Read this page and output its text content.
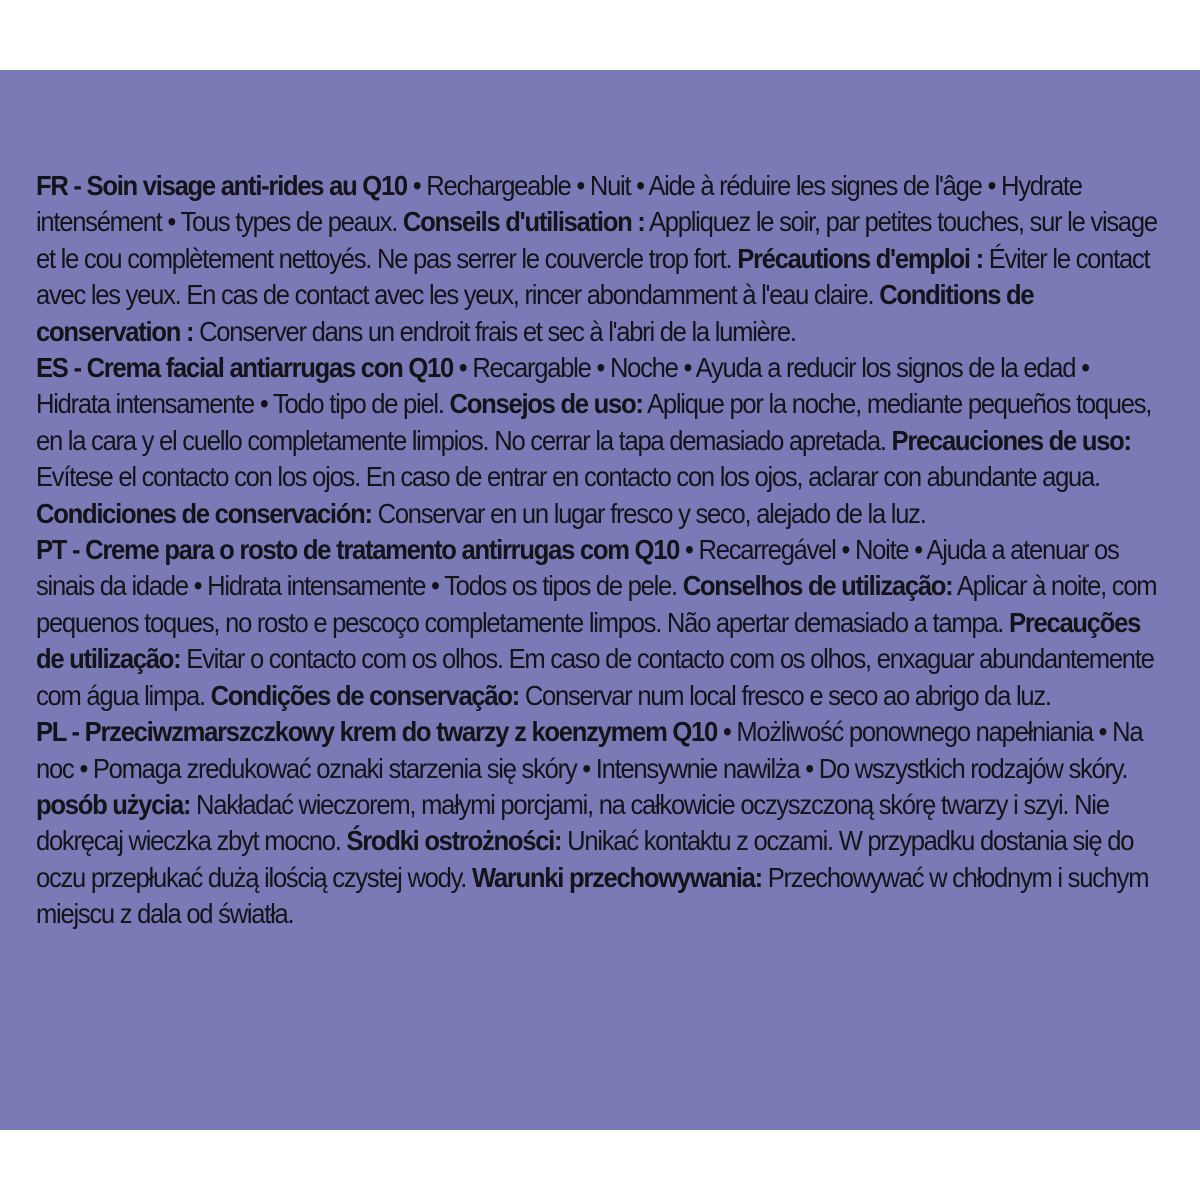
FR - Soin visage anti-rides au Q10 • Rechargeable • Nuit • Aide à réduire les signes de l'âge • Hydrate intensément • Tous types de peaux. Conseils d'utilisation : Appliquez le soir, par petites touches, sur le visage et le cou complètement nettoyés. Ne pas serrer le couvercle trop fort. Précautions d'emploi : Éviter le contact avec les yeux. En cas de contact avec les yeux, rincer abondamment à l'eau claire. Conditions de conservation : Conserver dans un endroit frais et sec à l'abri de la lumière.

ES - Crema facial antiarrugas con Q10 • Recargable • Noche • Ayuda a reducir los signos de la edad • Hidrata intensamente • Todo tipo de piel. Consejos de uso: Aplique por la noche, mediante pequeños toques, en la cara y el cuello completamente limpios. No cerrar la tapa demasiado apretada. Precauciones de uso: Evítese el contacto con los ojos. En caso de entrar en contacto con los ojos, aclarar con abundante agua. Condiciones de conservación: Conservar en un lugar fresco y seco, alejado de la luz.

PT - Creme para o rosto de tratamento antirrugas com Q10 • Recarregável • Noite • Ajuda a atenuar os sinais da idade • Hidrata intensamente • Todos os tipos de pele. Conselhos de utilização: Aplicar à noite, com pequenos toques, no rosto e pescoço completamente limpos. Não apertar demasiado a tampa. Precauções de utilização: Evitar o contacto com os olhos. Em caso de contacto com os olhos, enxaguar abundantemente com água limpa. Condições de conservação: Conservar num local fresco e seco ao abrigo da luz.

PL - Przeciwzmarszczkowy krem do twarzy z koenzymem Q10 • Możliwość ponownego napełniania • Na noc • Pomaga zredukować oznaki starzenia się skóry • Intensywnie nawilża • Do wszystkich rodzajów skóry. posób użycia: Nakładać wieczorem, małymi porcjami, na całkowicie oczyszczoną skórę twarzy i szyi. Nie dokręcaj wieczka zbyt mocno. Środki ostrożności: Unikać kontaktu z oczami. W przypadku dostania się do oczu przepłukać dużą ilością czystej wody. Warunki przechowywania: Przechowywać w chłodnym i suchym miejscu z dala od światła.
